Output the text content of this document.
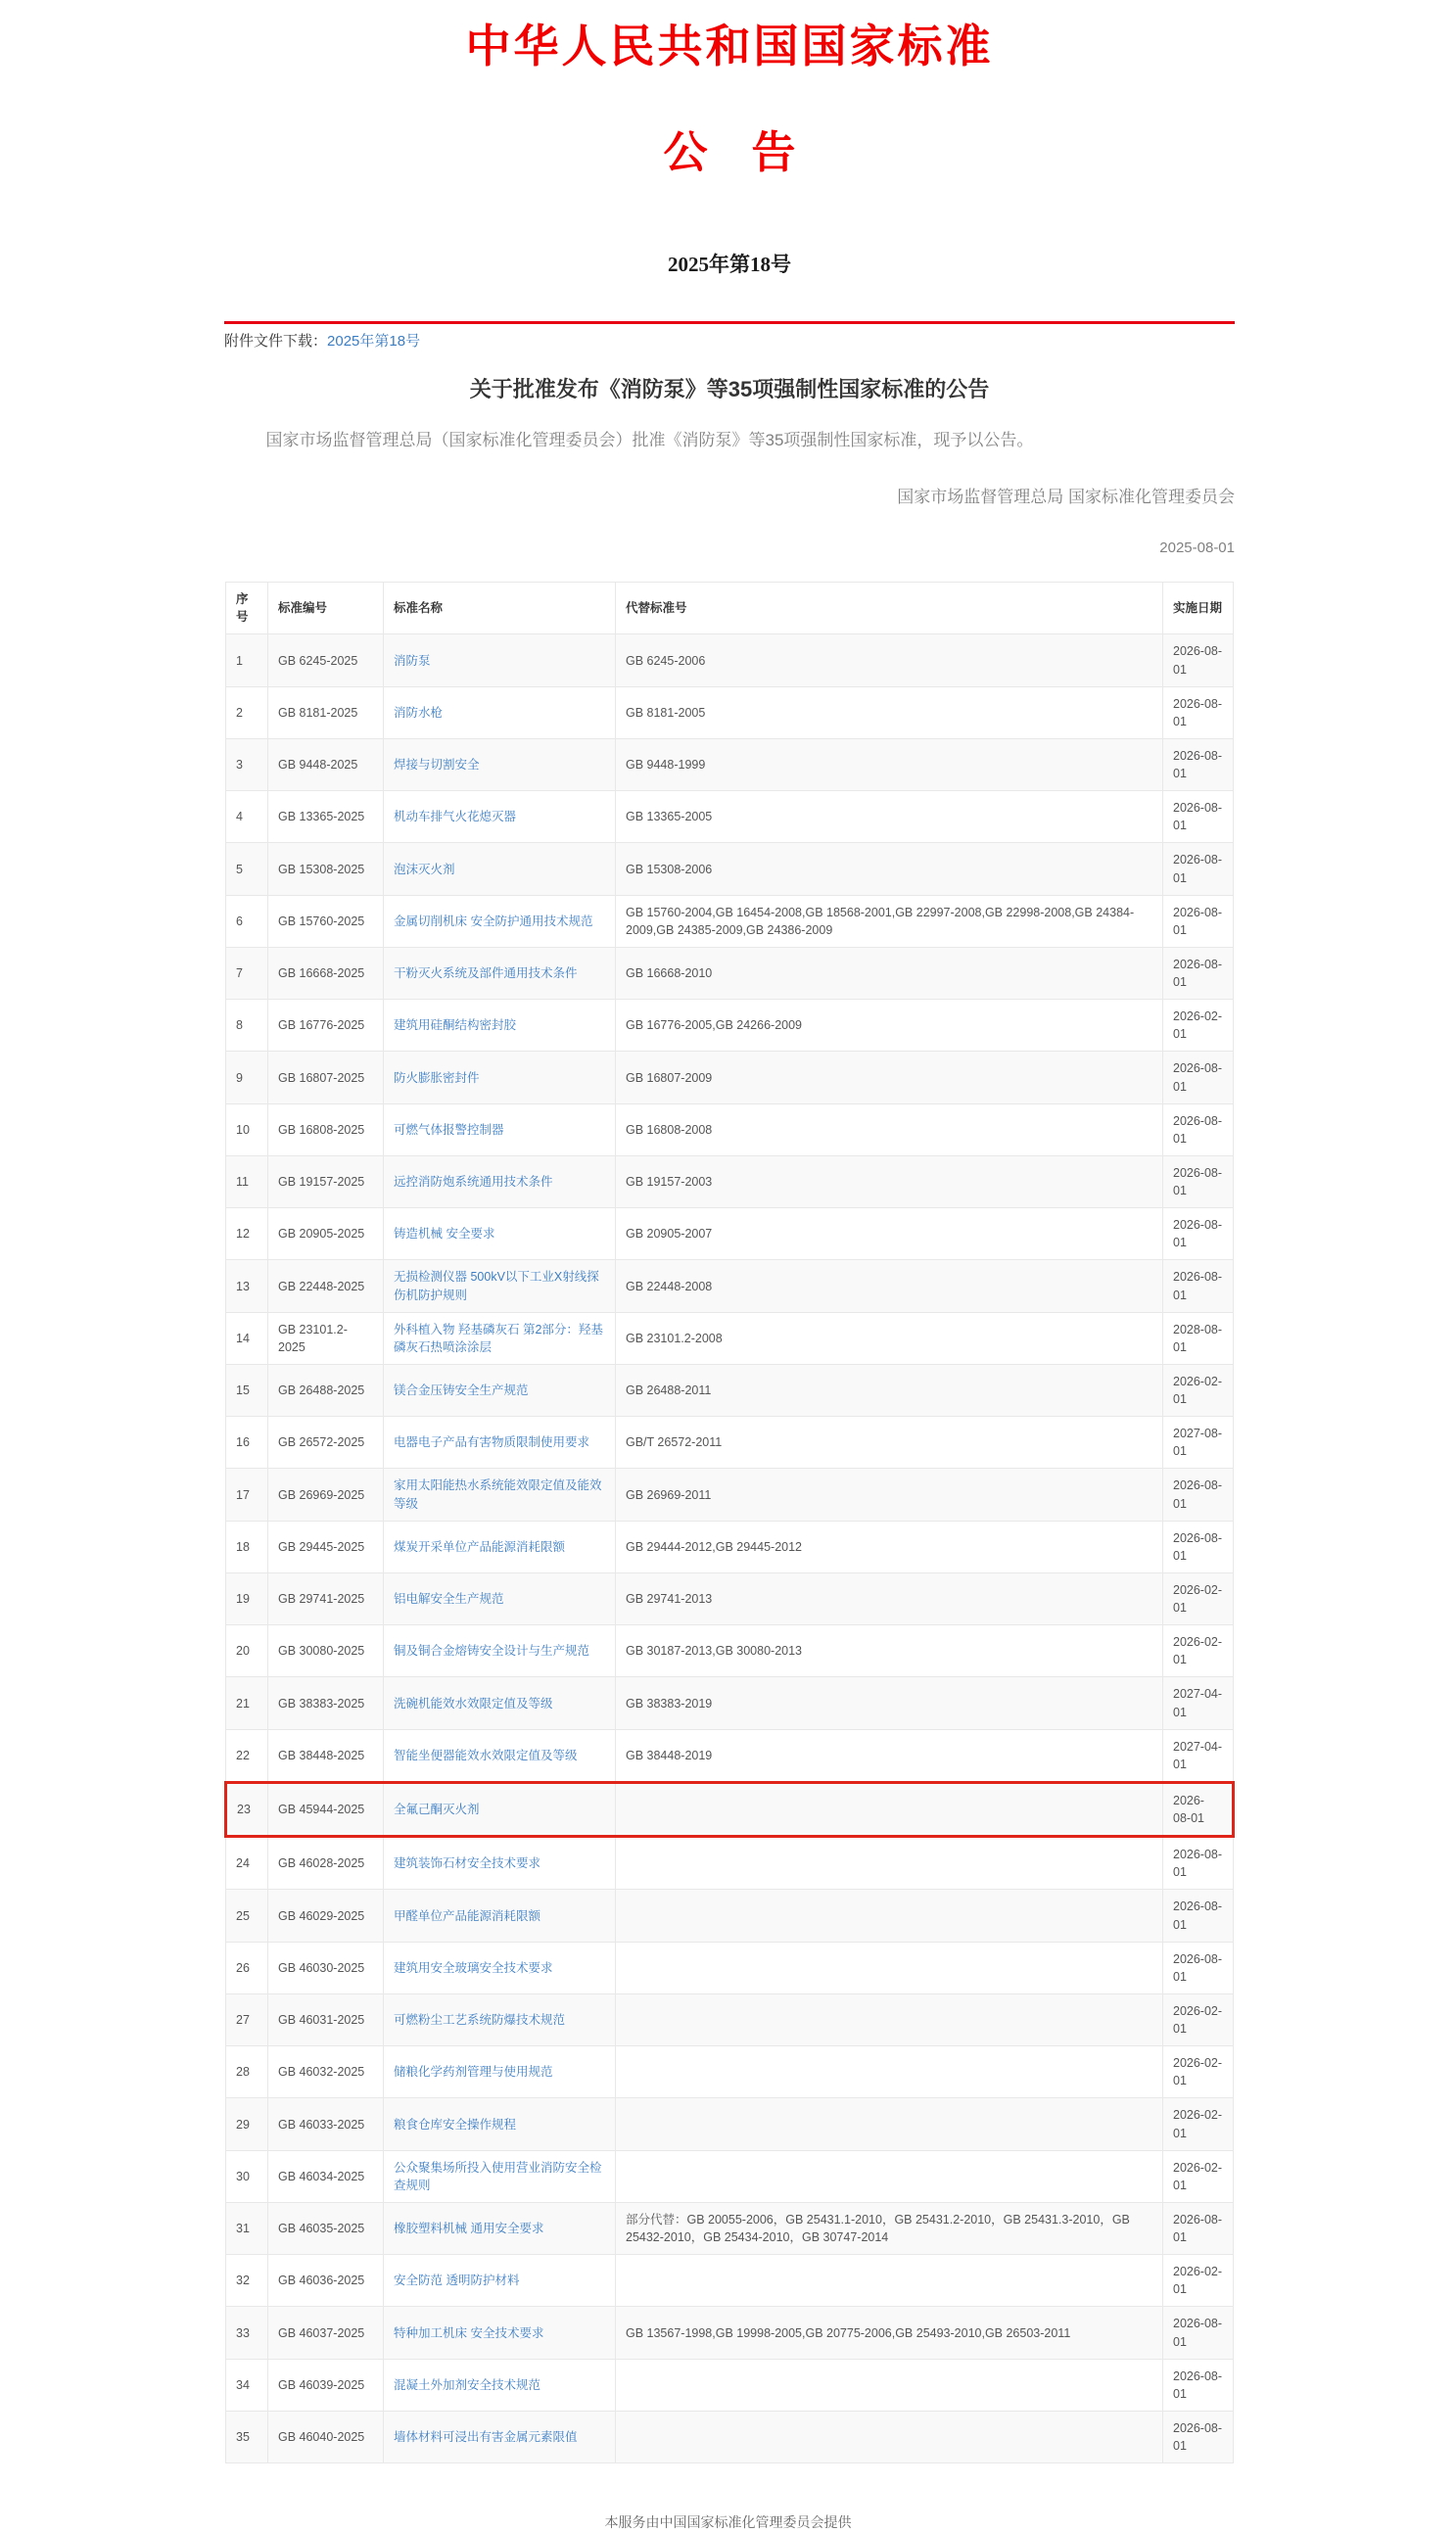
中华人民共和国国家标准
公　告
2025年第18号
附件文件下载：2025年第18号
关于批准发布《消防泵》等35项强制性国家标准的公告
国家市场监督管理总局（国家标准化管理委员会）批准《消防泵》等35项强制性国家标准，现予以公告。
国家市场监督管理总局 国家标准化管理委员会
2025-08-01
序号	标准编号	标准名称	代替标准号	实施日期
1	GB 6245-2025	消防泵	GB 6245-2006	2026-08-01
2	GB 8181-2025	消防水枪	GB 8181-2005	2026-08-01
3	GB 9448-2025	焊接与切割安全	GB 9448-1999	2026-08-01
4	GB 13365-2025	机动车排气火花熄灭器	GB 13365-2005	2026-08-01
5	GB 15308-2025	泡沫灭火剂	GB 15308-2006	2026-08-01
6	GB 15760-2025	金属切削机床 安全防护通用技术规范	GB 15760-2004,GB 16454-2008,GB 18568-2001,GB 22997-2008,GB 22998-2008,GB 24384-2009,GB 24385-2009,GB 24386-2009	2026-08-01
7	GB 16668-2025	干粉灭火系统及部件通用技术条件	GB 16668-2010	2026-08-01
8	GB 16776-2025	建筑用硅酮结构密封胶	GB 16776-2005,GB 24266-2009	2026-02-01
9	GB 16807-2025	防火膨胀密封件	GB 16807-2009	2026-08-01
10	GB 16808-2025	可燃气体报警控制器	GB 16808-2008	2026-08-01
11	GB 19157-2025	远控消防炮系统通用技术条件	GB 19157-2003	2026-08-01
12	GB 20905-2025	铸造机械 安全要求	GB 20905-2007	2026-08-01
13	GB 22448-2025	无损检测仪器 500kV以下工业X射线探伤机防护规则	GB 22448-2008	2026-08-01
14	GB 23101.2-2025	外科植入物 羟基磷灰石 第2部分：羟基磷灰石热喷涂涂层	GB 23101.2-2008	2028-08-01
15	GB 26488-2025	镁合金压铸安全生产规范	GB 26488-2011	2026-02-01
16	GB 26572-2025	电器电子产品有害物质限制使用要求	GB/T 26572-2011	2027-08-01
17	GB 26969-2025	家用太阳能热水系统能效限定值及能效等级	GB 26969-2011	2026-08-01
18	GB 29445-2025	煤炭开采单位产品能源消耗限额	GB 29444-2012,GB 29445-2012	2026-08-01
19	GB 29741-2025	铝电解安全生产规范	GB 29741-2013	2026-02-01
20	GB 30080-2025	铜及铜合金熔铸安全设计与生产规范	GB 30187-2013,GB 30080-2013	2026-02-01
21	GB 38383-2025	洗碗机能效水效限定值及等级	GB 38383-2019	2027-04-01
22	GB 38448-2025	智能坐便器能效水效限定值及等级	GB 38448-2019	2027-04-01
23	GB 45944-2025	全氟己酮灭火剂		2026-08-01
24	GB 46028-2025	建筑装饰石材安全技术要求		2026-08-01
25	GB 46029-2025	甲醛单位产品能源消耗限额		2026-08-01
26	GB 46030-2025	建筑用安全玻璃安全技术要求		2026-08-01
27	GB 46031-2025	可燃粉尘工艺系统防爆技术规范		2026-02-01
28	GB 46032-2025	储粮化学药剂管理与使用规范		2026-02-01
29	GB 46033-2025	粮食仓库安全操作规程		2026-02-01
30	GB 46034-2025	公众聚集场所投入使用营业消防安全检查规则		2026-02-01
31	GB 46035-2025	橡胶塑料机械 通用安全要求	部分代替：GB 20055-2006，GB 25431.1-2010，GB 25431.2-2010，GB 25431.3-2010，GB 25432-2010，GB 25434-2010，GB 30747-2014	2026-08-01
32	GB 46036-2025	安全防范 透明防护材料		2026-02-01
33	GB 46037-2025	特种加工机床 安全技术要求	GB 13567-1998,GB 19998-2005,GB 20775-2006,GB 25493-2010,GB 26503-2011	2026-08-01
34	GB 46039-2025	混凝土外加剂安全技术规范		2026-08-01
35	GB 46040-2025	墙体材料可浸出有害金属元素限值		2026-08-01
本服务由中国国家标准化管理委员会提供
